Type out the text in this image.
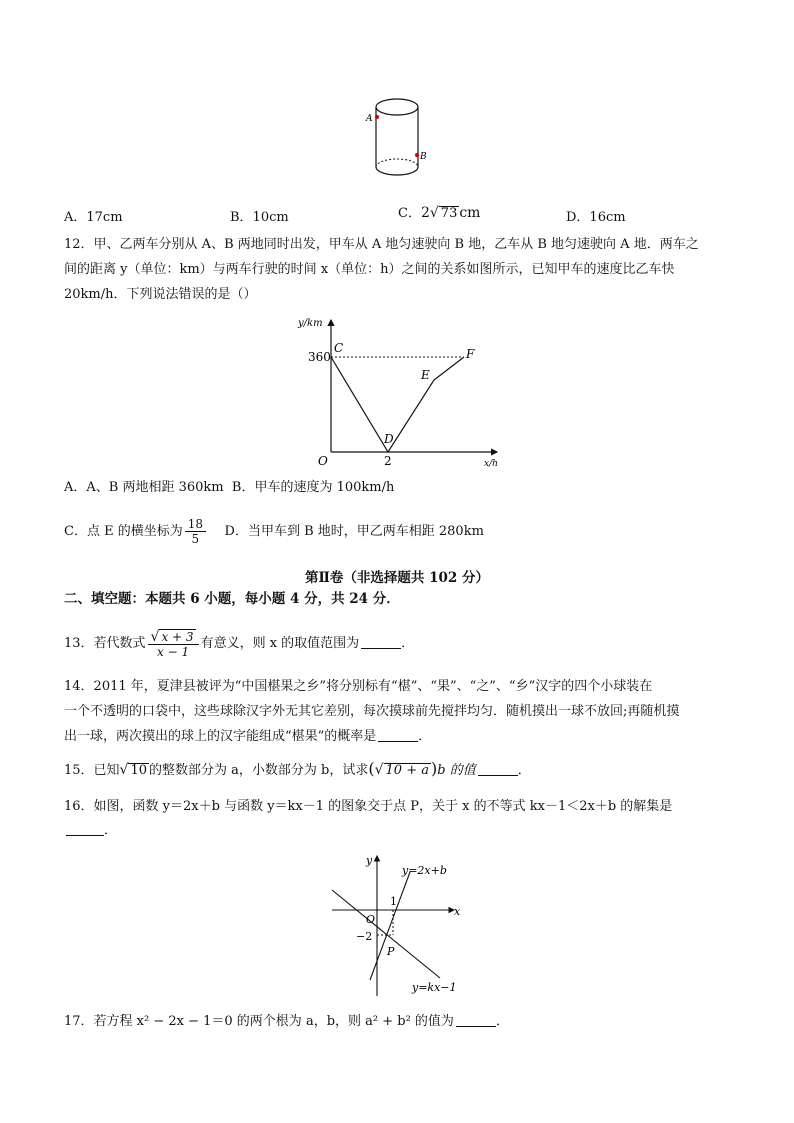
A
B
A．17cm	B．10cm	C．2√ 73 cm	D．16cm
12．甲、乙两车分别从 A、B 两地同时出发，甲车从 A 地匀速驶向 B 地，乙车从 B 地匀速驶向 A 地．两车之
间的距离 y（单位：km）与两车行驶的时间 x（单位：h）之间的关系如图所示，已知甲车的速度比乙车快
20km/h．下列说法错误的是（）
y/km
x/h
O
360
2
C
D
E
F
A．A、B 两地相距 360km B．甲车的速度为 100km/h
C．点 E 的横坐标为 $\frac{18}{5}$ D．当甲车到 B 地时，甲乙两车相距 280km
第Ⅱ卷（非选择题共 102 分）
二、填空题：本题共 6 小题，每小题 4 分，共 24 分．
13．若代数式 $\frac{√ x + 3}{x - 1}$ 有意义，则 x 的取值范围为	．
14．2011 年，夏津县被评为“中国椹果之乡”将分别标有“椹”、“果”、“之”、“乡”汉字的四个小球装在
一个不透明的口袋中，这些球除汉字外无其它差别，每次摸球前先搅拌均匀．随机摸出一球不放回;再随机摸
出一球，两次摸出的球上的汉字能组成“椹果”的概率是	．
15．已知√ 10 的整数部分为 a，小数部分为 b，试求(√ 10 + a )b 的值	．
16．如图，函数 y＝2x＋b 与函数 y＝kx－1 的图象交于点 P，关于 x 的不等式 kx－1＜2x＋b 的解集是
．
y
x
O
1
−2
P
y=2x+b
y=kx−1
17．若方程 x² − 2x − 1＝0 的两个根为 a，b，则 a² + b² 的值为	．
